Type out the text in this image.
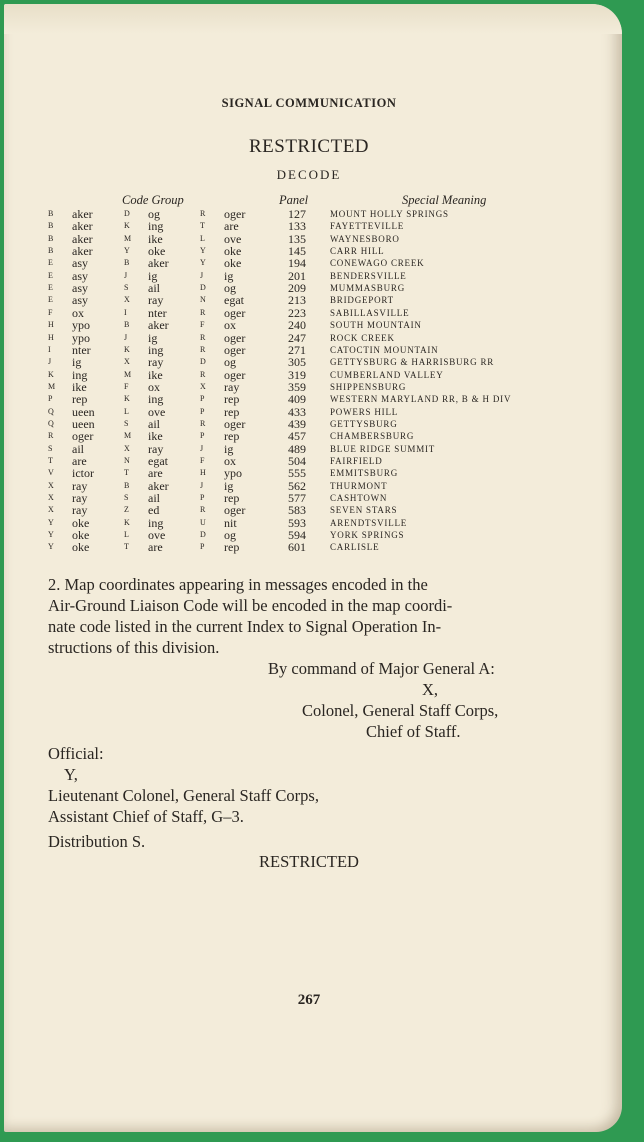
SIGNAL COMMUNICATION
RESTRICTED
DECODE
Code Group	Panel	Special Meaning
B aker	D og	R oger	127	MOUNT HOLLY SPRINGS
B aker	K ing	T are	133	FAYETTEVILLE
B aker	M ike	L ove	135	WAYNESBORO
B aker	Y oke	Y oke	145	CARR HILL
E asy	B aker	Y oke	194	CONEWAGO CREEK
E asy	J ig	J ig	201	BENDERSVILLE
E asy	S ail	D og	209	MUMMASBURG
E asy	X ray	N egat	213	BRIDGEPORT
F ox	I nter	R oger	223	SABILLASVILLE
H ypo	B aker	F ox	240	SOUTH MOUNTAIN
H ypo	J ig	R oger	247	ROCK CREEK
I nter	K ing	R oger	271	CATOCTIN MOUNTAIN
J ig	X ray	D og	305	GETTYSBURG & HARRISBURG RR
K ing	M ike	R oger	319	CUMBERLAND VALLEY
M ike	F ox	X ray	359	SHIPPENSBURG
P rep	K ing	P rep	409	WESTERN MARYLAND RR, B & H DIV
Q ueen	L ove	P rep	433	POWERS HILL
Q ueen	S ail	R oger	439	GETTYSBURG
R oger	M ike	P rep	457	CHAMBERSBURG
S ail	X ray	J ig	489	BLUE RIDGE SUMMIT
T are	N egat	F ox	504	FAIRFIELD
V ictor	T are	H ypo	555	EMMITSBURG
X ray	B aker	J ig	562	THURMONT
X ray	S ail	P rep	577	CASHTOWN
X ray	Z ed	R oger	583	SEVEN STARS
Y oke	K ing	U nit	593	ARENDTSVILLE
Y oke	L ove	D og	594	YORK SPRINGS
Y oke	T are	P rep	601	CARLISLE
2. Map coordinates appearing in messages encoded in the
Air-Ground Liaison Code will be encoded in the map coordi-
nate code listed in the current Index to Signal Operation In-
structions of this division.
By command of Major General A:
X,
Colonel, General Staff Corps,
Chief of Staff.
Official:
Y,
Lieutenant Colonel, General Staff Corps,
Assistant Chief of Staff, G–3.
Distribution S.
RESTRICTED
267
